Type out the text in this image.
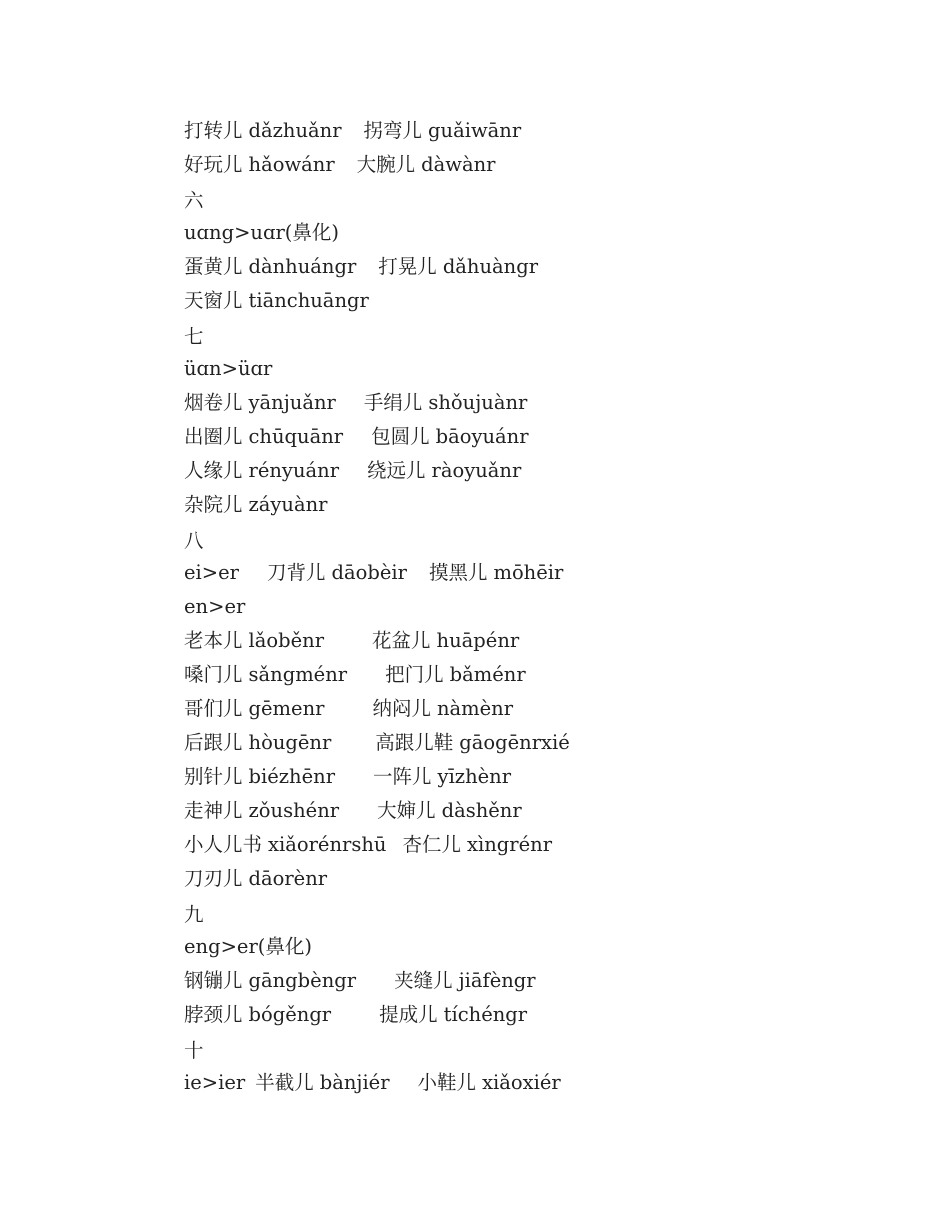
打转儿 dǎzhuǎnr 拐弯儿 guǎiwānr
好玩儿 hǎowánr 大腕儿 dàwànr
六
uɑng>uɑr(鼻化)
蛋黄儿 dànhuángr 打晃儿 dǎhuàngr
天窗儿 tiānchuāngr
七
üɑn>üɑr
烟卷儿 yānjuǎnr 手绢儿 shǒujuànr
出圈儿 chūquānr 包圆儿 bāoyuánr
人缘儿 rényuánr 绕远儿 ràoyuǎnr
杂院儿 záyuànr
八
ei>er 刀背儿 dāobèir 摸黑儿 mōhēir
en>er
老本儿 lǎoběnr 花盆儿 huāpénr
嗓门儿 sǎngménr 把门儿 bǎménr
哥们儿 gēmenr 纳闷儿 nàmènr
后跟儿 hòugēnr 高跟儿鞋 gāogēnrxié
别针儿 biézhēnr 一阵儿 yīzhènr
走神儿 zǒushénr 大婶儿 dàshěnr
小人儿书 xiǎorénrshū 杏仁儿 xìngrénr
刀刃儿 dāorènr
九
eng>er(鼻化)
钢镚儿 gāngbèngr 夹缝儿 jiāfèngr
脖颈儿 bógěngr 提成儿 tíchéngr
十
ie>ier 半截儿 bànjiér 小鞋儿 xiǎoxiér
